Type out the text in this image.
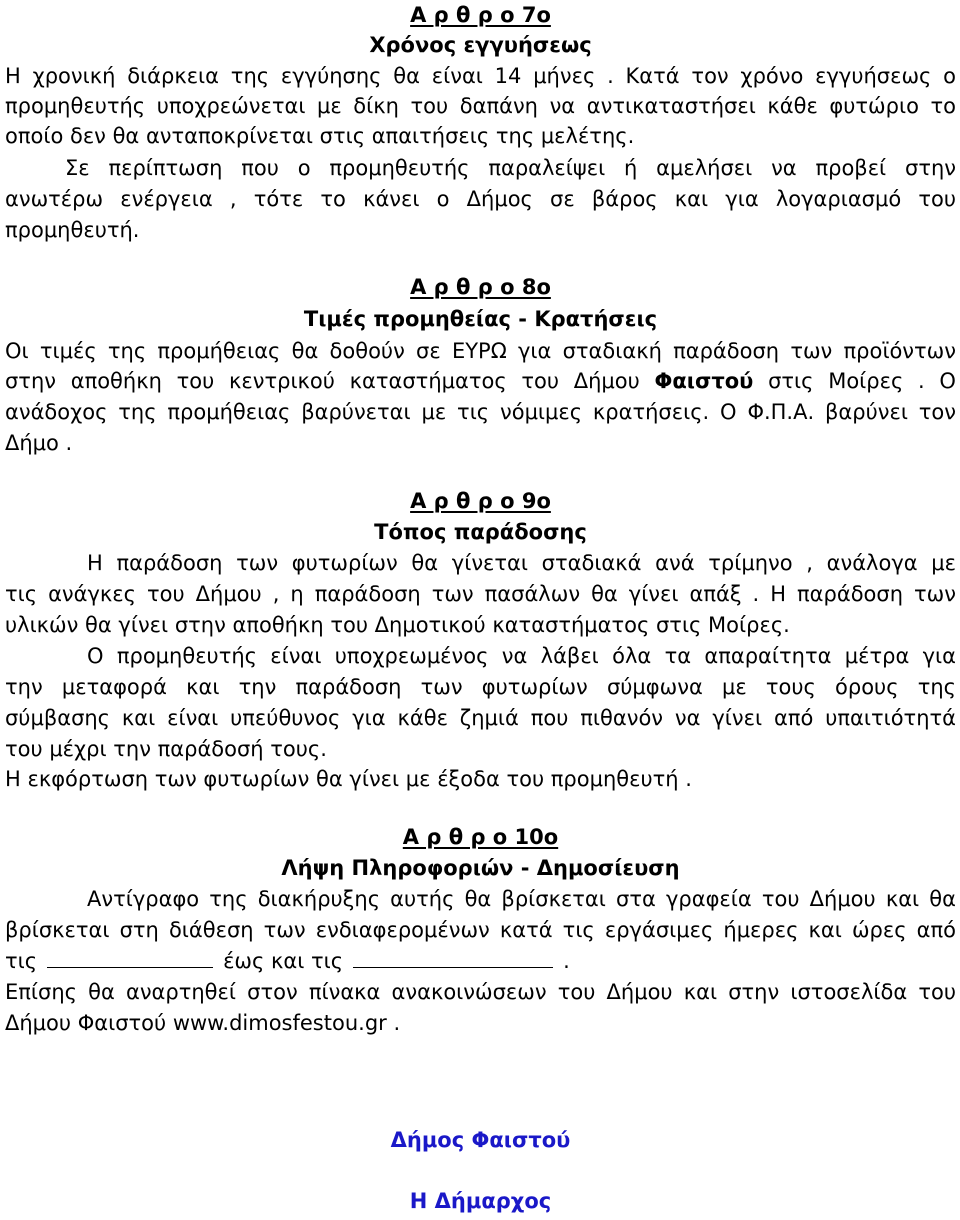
Α ρ θ ρ ο 7ο
Χρόνος εγγυήσεως
Η χρονική διάρκεια της εγγύησης θα είναι 14 μήνες . Κατά τον χρόνο εγγυήσεως ο
προμηθευτής υποχρεώνεται με δίκη του δαπάνη να αντικαταστήσει κάθε φυτώριο το
οποίο δεν θα ανταποκρίνεται στις απαιτήσεις της μελέτης.
Σε περίπτωση που ο προμηθευτής παραλείψει ή αμελήσει να προβεί στην
ανωτέρω ενέργεια , τότε το κάνει ο Δήμος σε βάρος και για λογαριασμό του
προμηθευτή.
Α ρ θ ρ ο 8ο
Τιμές προμηθείας - Κρατήσεις
Οι τιμές της προμήθειας θα δοθούν σε ΕΥΡΩ για σταδιακή παράδοση των προϊόντων
στην αποθήκη του κεντρικού καταστήματος του Δήμου Φαιστού στις Μοίρες . Ο
ανάδοχος της προμήθειας βαρύνεται με τις νόμιμες κρατήσεις. Ο Φ.Π.Α. βαρύνει τον
Δήμο .
Α ρ θ ρ ο 9ο
Τόπος παράδοσης
Η παράδοση των φυτωρίων θα γίνεται σταδιακά ανά τρίμηνο , ανάλογα με
τις ανάγκες του Δήμου , η παράδοση των πασάλων θα γίνει απάξ . Η παράδοση των
υλικών θα γίνει στην αποθήκη του Δημοτικού καταστήματος στις Μοίρες.
Ο προμηθευτής είναι υποχρεωμένος να λάβει όλα τα απαραίτητα μέτρα για
την μεταφορά και την παράδοση των φυτωρίων σύμφωνα με τους όρους της
σύμβασης και είναι υπεύθυνος για κάθε ζημιά που πιθανόν να γίνει από υπαιτιότητά
του μέχρι την παράδοσή τους.
Η εκφόρτωση των φυτωρίων θα γίνει με έξοδα του προμηθευτή .
Α ρ θ ρ ο 10ο
Λήψη Πληροφοριών - Δημοσίευση
Αντίγραφο της διακήρυξης αυτής θα βρίσκεται στα γραφεία του Δήμου και θα
βρίσκεται στη διάθεση των ενδιαφερομένων κατά τις εργάσιμες ήμερες και ώρες από
τις	έως και τις	.
Επίσης θα αναρτηθεί στον πίνακα ανακοινώσεων του Δήμου και στην ιστοσελίδα του
Δήμου Φαιστού www.dimosfestou.gr .
Δήμος Φαιστού
Η Δήμαρχος
